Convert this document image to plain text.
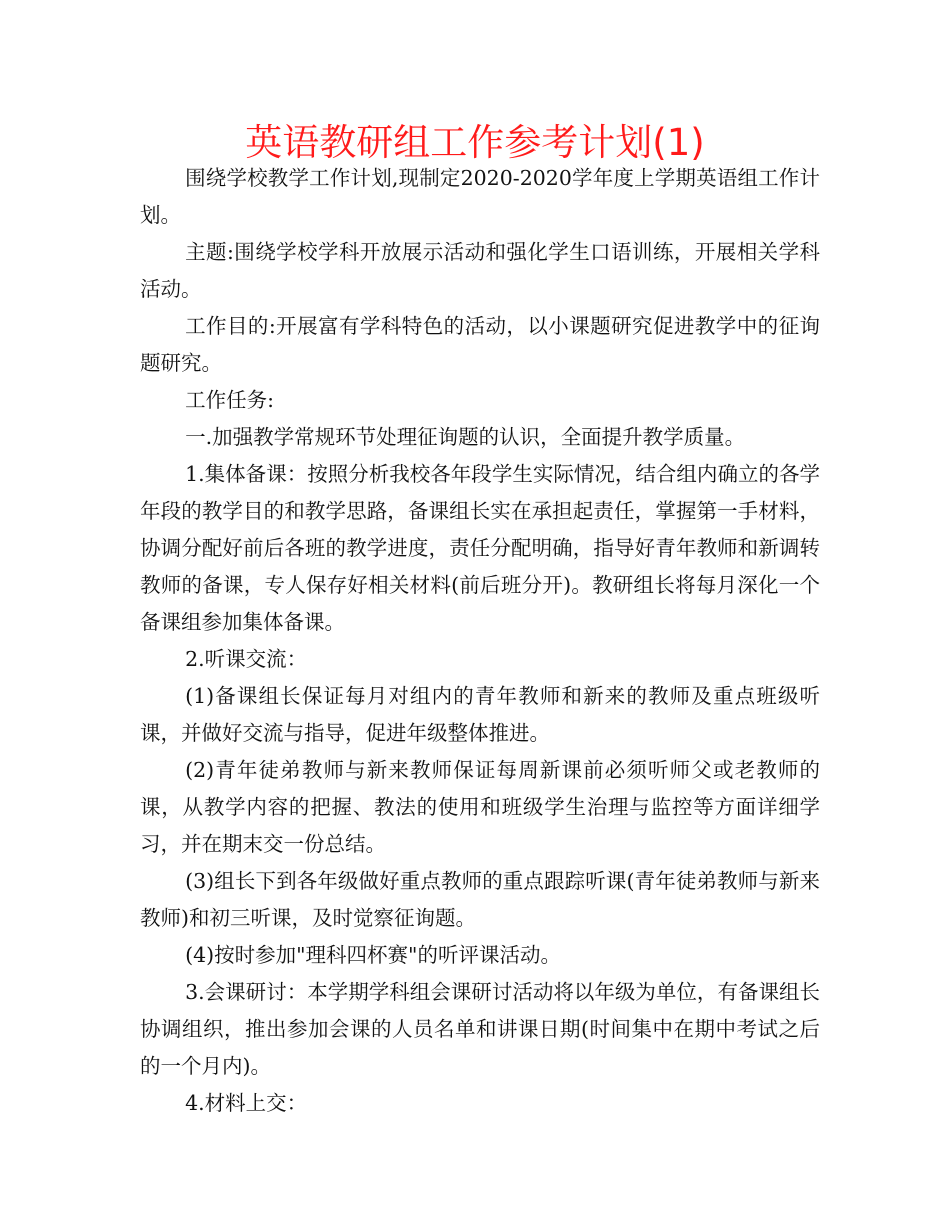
英语教研组工作参考计划(1)

围绕学校教学工作计划,现制定2020-2020学年度上学期英语组工作计划。

主题:围绕学校学科开放展示活动和强化学生口语训练，开展相关学科活动。

工作目的:开展富有学科特色的活动，以小课题研究促进教学中的征询题研究。

工作任务:

一.加强教学常规环节处理征询题的认识，全面提升教学质量。

1.集体备课：按照分析我校各年段学生实际情况，结合组内确立的各学年段的教学目的和教学思路，备课组长实在承担起责任，掌握第一手材料，协调分配好前后各班的教学进度，责任分配明确，指导好青年教师和新调转教师的备课，专人保存好相关材料(前后班分开)。教研组长将每月深化一个备课组参加集体备课。

2.听课交流：

(1)备课组长保证每月对组内的青年教师和新来的教师及重点班级听课，并做好交流与指导，促进年级整体推进。

(2)青年徒弟教师与新来教师保证每周新课前必须听师父或老教师的课，从教学内容的把握、教法的使用和班级学生治理与监控等方面详细学习，并在期末交一份总结。

(3)组长下到各年级做好重点教师的重点跟踪听课(青年徒弟教师与新来教师)和初三听课，及时觉察征询题。

(4)按时参加"理科四杯赛"的听评课活动。

3.会课研讨：本学期学科组会课研讨活动将以年级为单位，有备课组长协调组织，推出参加会课的人员名单和讲课日期(时间集中在期中考试之后的一个月内)。

4.材料上交：
